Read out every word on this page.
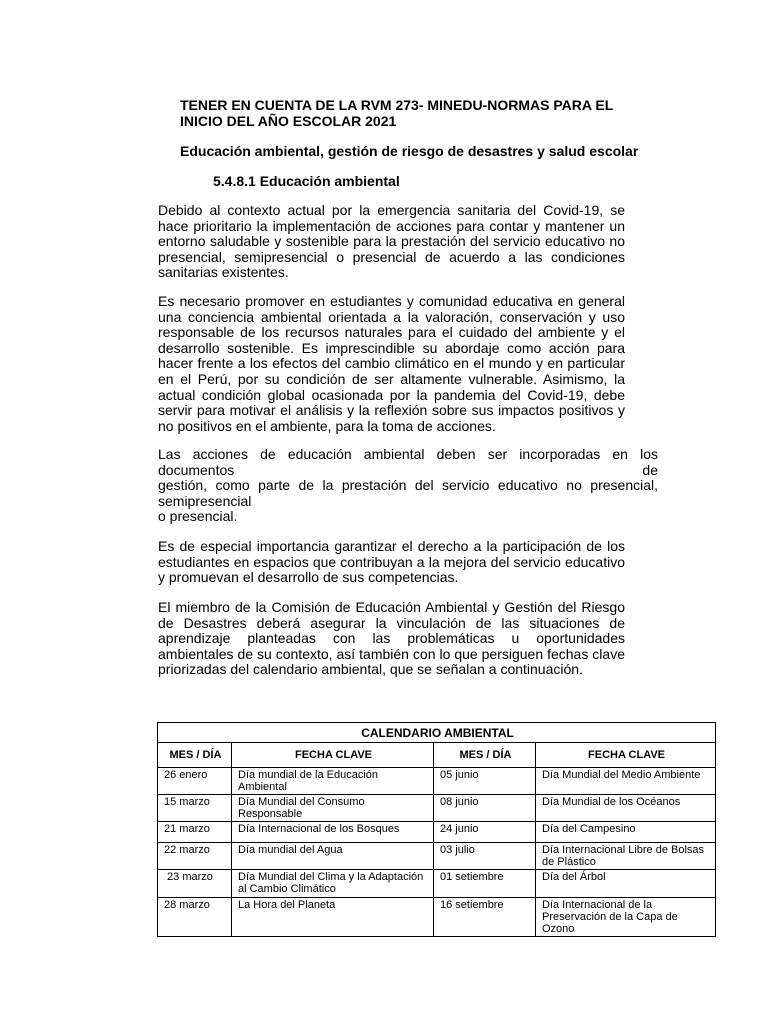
TENER EN CUENTA DE LA RVM 273- MINEDU-NORMAS PARA EL INICIO DEL AÑO ESCOLAR 2021
Educación ambiental, gestión de riesgo de desastres y salud escolar
5.4.8.1 Educación ambiental
Debido al contexto actual por la emergencia sanitaria del Covid-19, se hace prioritario la implementación de acciones para contar y mantener un entorno saludable y sostenible para la prestación del servicio educativo no presencial, semipresencial o presencial de acuerdo a las condiciones sanitarias existentes.
Es necesario promover en estudiantes y comunidad educativa en general una conciencia ambiental orientada a la valoración, conservación y uso responsable de los recursos naturales para el cuidado del ambiente y el desarrollo sostenible. Es imprescindible su abordaje como acción para hacer frente a los efectos del cambio climático en el mundo y en particular en el Perú, por su condición de ser altamente vulnerable. Asimismo, la actual condición global ocasionada por la pandemia del Covid-19, debe servir para motivar el análisis y la reflexión sobre sus impactos positivos y no positivos en el ambiente, para la toma de acciones.
Las acciones de educación ambiental deben ser incorporadas en los documentos de
gestión, como parte de la prestación del servicio educativo no presencial, semipresencial
o presencial.
Es de especial importancia garantizar el derecho a la participación de los estudiantes en espacios que contribuyan a la mejora del servicio educativo y promuevan el desarrollo de sus competencias.
El miembro de la Comisión de Educación Ambiental y Gestión del Riesgo de Desastres deberá asegurar la vinculación de las situaciones de aprendizaje planteadas con las problemáticas u oportunidades ambientales de su contexto, así también con lo que persiguen fechas clave priorizadas del calendario ambiental, que se señalan a continuación.
CALENDARIO AMBIENTAL			
MES / DÍA	FECHA CLAVE	MES / DÍA	FECHA CLAVE
26 enero	Día mundial de la Educación Ambiental	05 junio	Día Mundial del Medio Ambiente
15 marzo	Día Mundial del Consumo Responsable	08 junio	Día Mundial de los Océanos
21 marzo	Día Internacional de los Bosques	24 junio	Día del Campesino
22 marzo	Día mundial del Agua	03 julio	Día Internacional Libre de Bolsas de Plástico
23 marzo	Día Mundial del Clima y la Adaptación al Cambio Climático	01 setiembre	Día del Árbol
28 marzo	La Hora del Planeta	16 setiembre	Día Internacional de la Preservación de la Capa de Ozono
